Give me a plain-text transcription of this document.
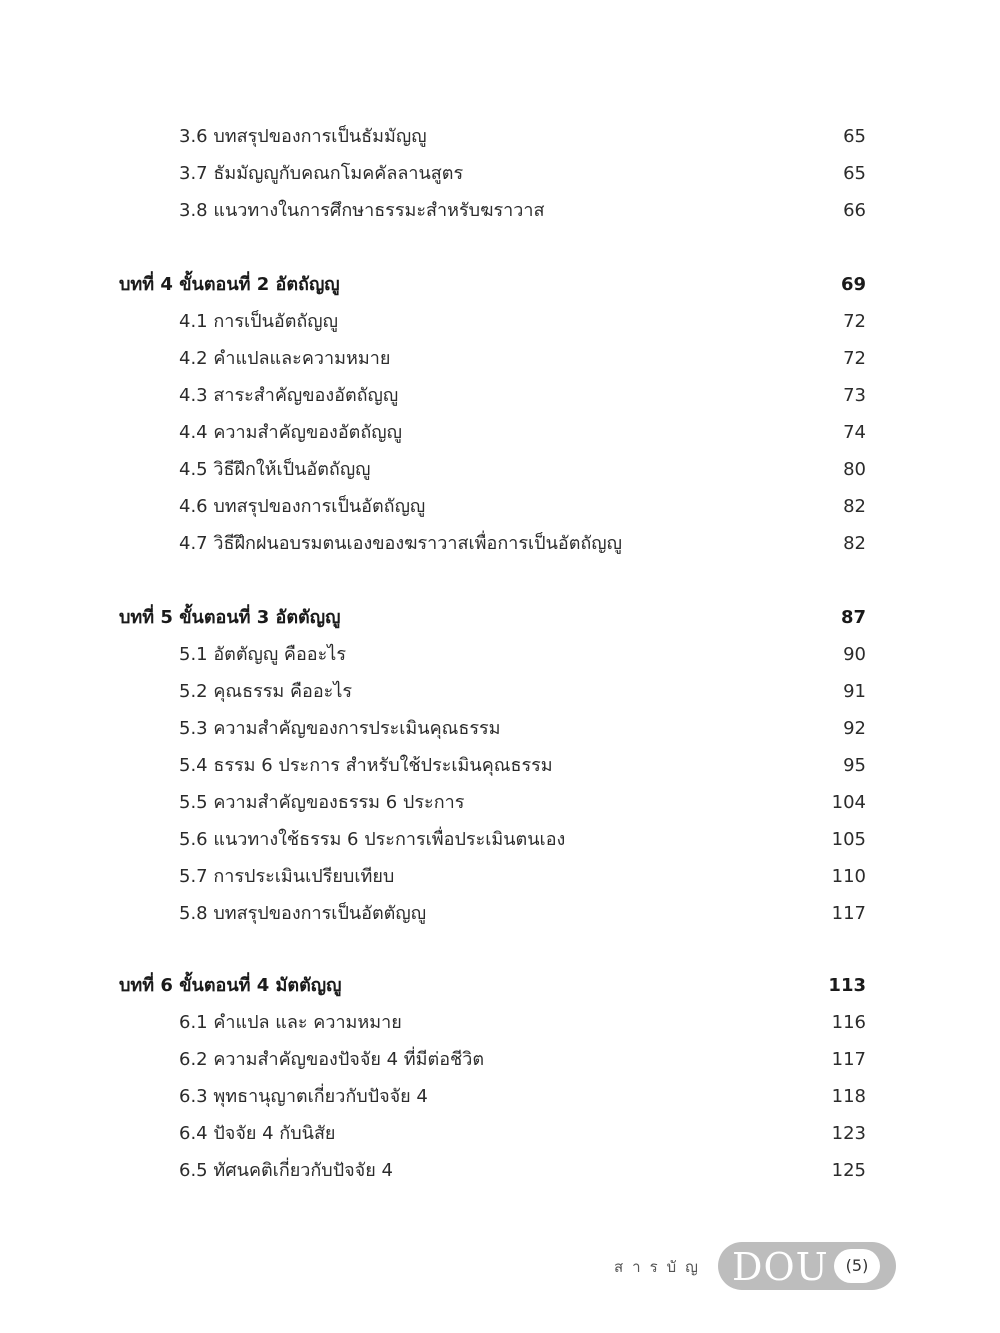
3.6 บทสรุปของการเป็นธัมมัญญู	65
3.7 ธัมมัญญูกับคณกโมคคัลลานสูตร	65
3.8 แนวทางในการศึกษาธรรมะสำหรับฆราวาส	66
บทที่ 4 ขั้นตอนที่ 2 อัตถัญญู	69
4.1 การเป็นอัตถัญญู	72
4.2 คำแปลและความหมาย	72
4.3 สาระสำคัญของอัตถัญญู	73
4.4 ความสำคัญของอัตถัญญู	74
4.5 วิธีฝึกให้เป็นอัตถัญญู	80
4.6 บทสรุปของการเป็นอัตถัญญู	82
4.7 วิธีฝึกฝนอบรมตนเองของฆราวาสเพื่อการเป็นอัตถัญญู	82
บทที่ 5 ขั้นตอนที่ 3 อัตตัญญู	87
5.1 อัตตัญญู คืออะไร	90
5.2 คุณธรรม คืออะไร	91
5.3 ความสำคัญของการประเมินคุณธรรม	92
5.4 ธรรม 6 ประการ สำหรับใช้ประเมินคุณธรรม	95
5.5 ความสำคัญของธรรม 6 ประการ	104
5.6 แนวทางใช้ธรรม 6 ประการเพื่อประเมินตนเอง	105
5.7 การประเมินเปรียบเทียบ	110
5.8 บทสรุปของการเป็นอัตตัญญู	117
บทที่ 6 ขั้นตอนที่ 4 มัตตัญญู	113
6.1 คำแปล และ ความหมาย	116
6.2 ความสำคัญของปัจจัย 4 ที่มีต่อชีวิต	117
6.3 พุทธานุญาตเกี่ยวกับปัจจัย 4	118
6.4 ปัจจัย 4 กับนิสัย	123
6.5 ทัศนคติเกี่ยวกับปัจจัย 4	125
สารบัญ DOU	(5)
